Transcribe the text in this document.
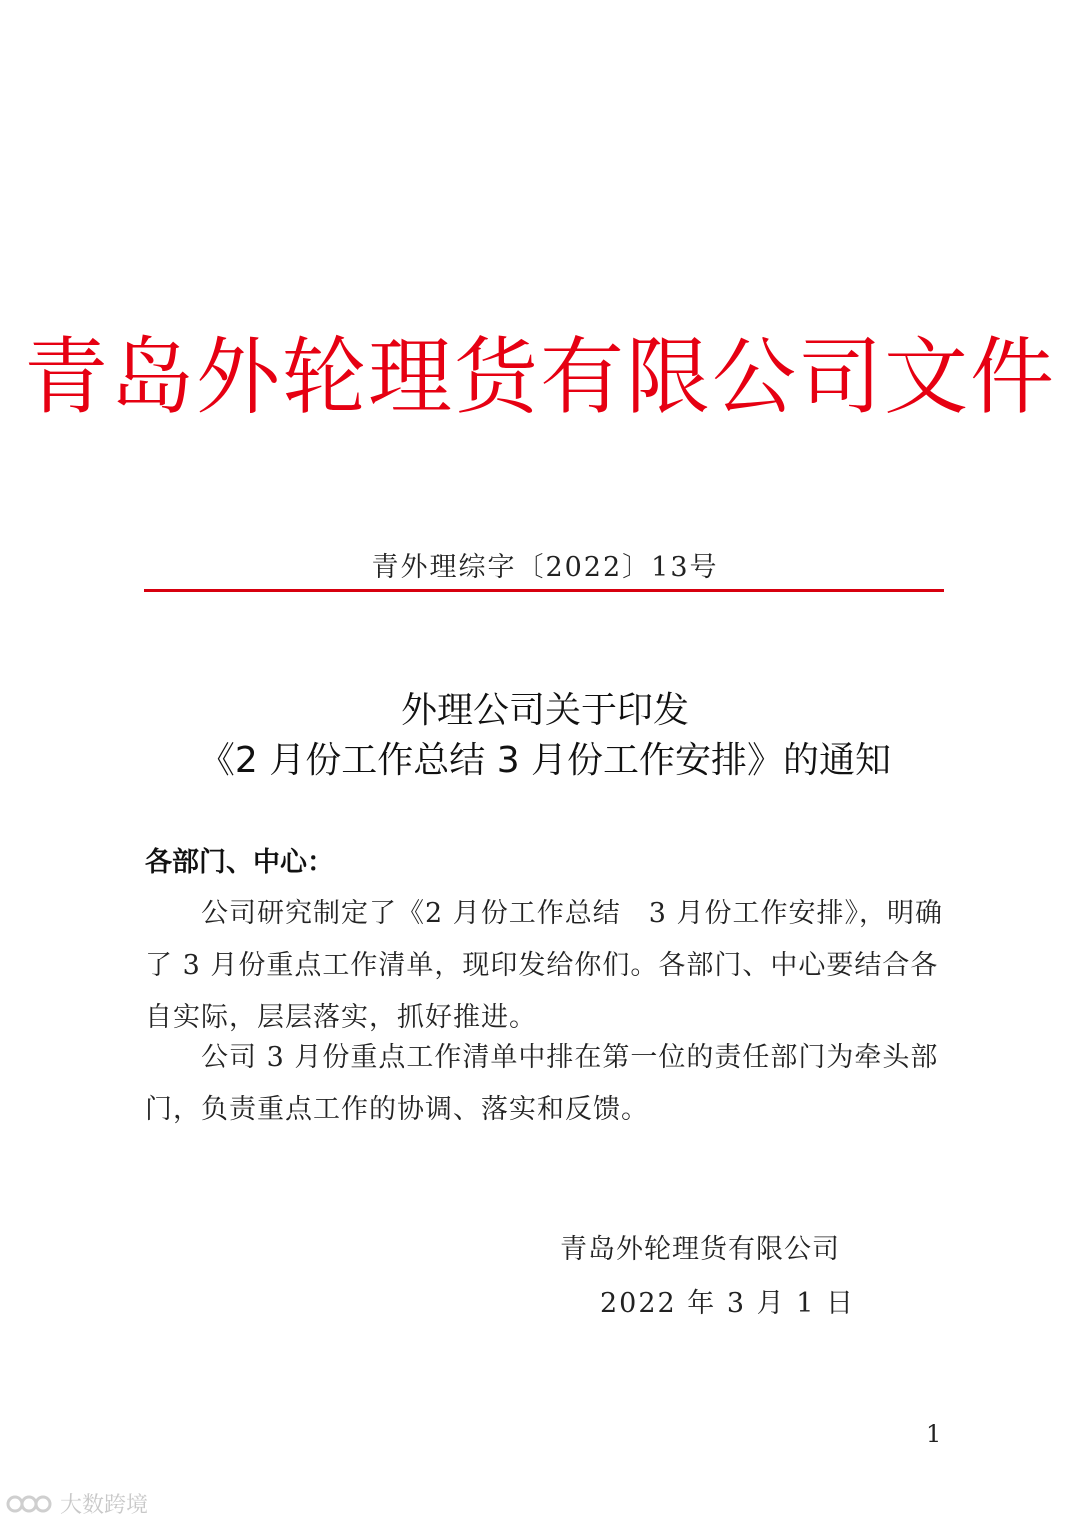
青岛外轮理货有限公司文件
青外理综字〔2022〕13号
外理公司关于印发
《2 月份工作总结 3 月份工作安排》的通知
各部门、中心：
公司研究制定了《2 月份工作总结　3 月份工作安排》，明确了 3 月份重点工作清单，现印发给你们。各部门、中心要结合各自实际，层层落实，抓好推进。
公司 3 月份重点工作清单中排在第一位的责任部门为牵头部门，负责重点工作的协调、落实和反馈。
青岛外轮理货有限公司
2022 年 3 月 1 日
1
大数跨境
